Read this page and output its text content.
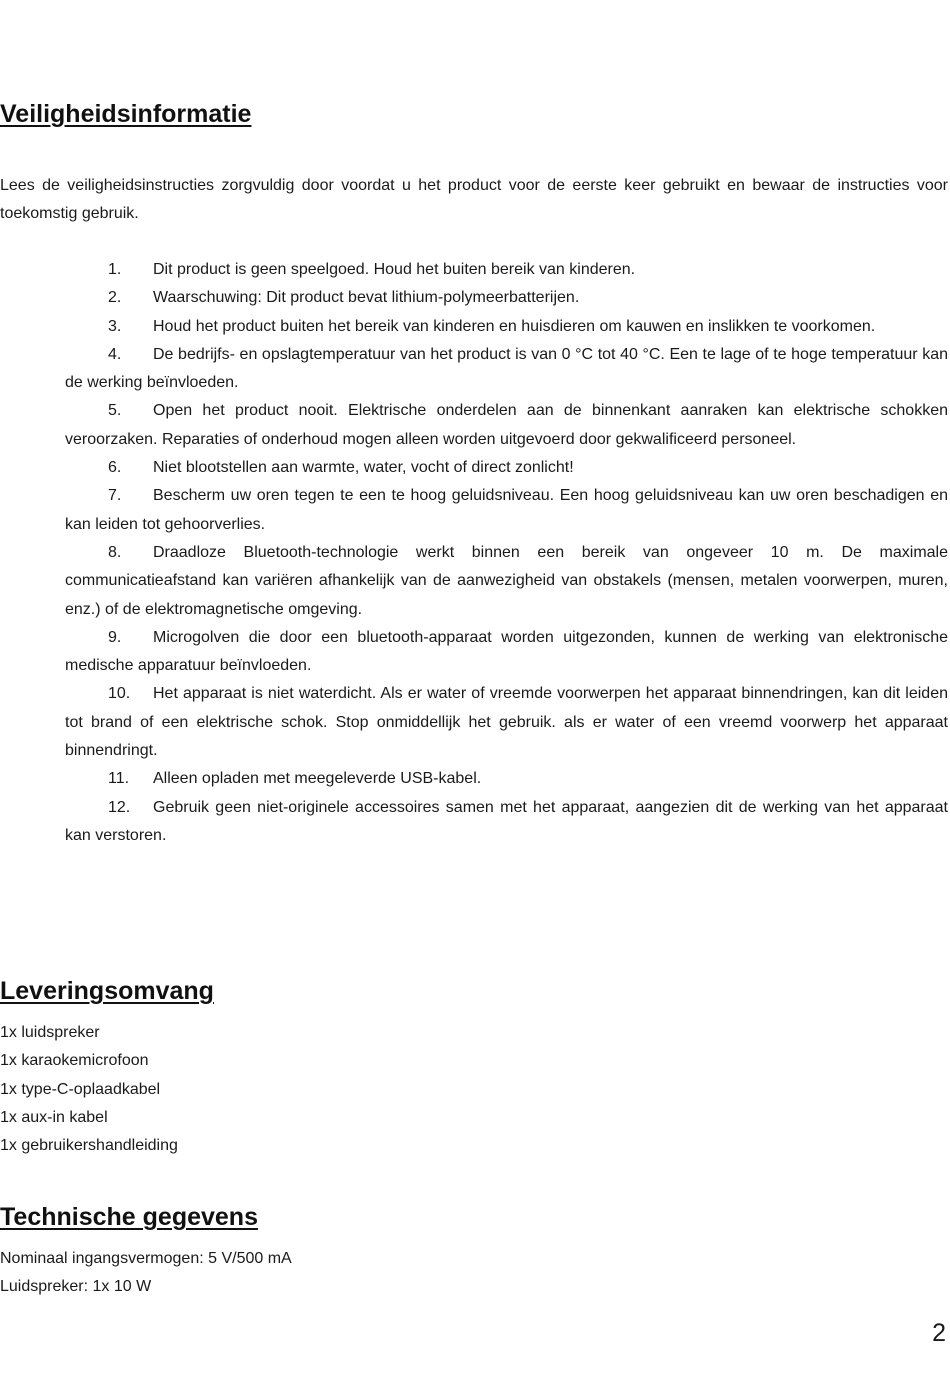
Veiligheidsinformatie

Lees de veiligheidsinstructies zorgvuldig door voordat u het product voor de eerste keer gebruikt en bewaar de instructies voor toekomstig gebruik.

1. Dit product is geen speelgoed. Houd het buiten bereik van kinderen.
2. Waarschuwing: Dit product bevat lithium-polymeerbatterijen.
3. Houd het product buiten het bereik van kinderen en huisdieren om kauwen en inslikken te voorkomen.
4. De bedrijfs- en opslagtemperatuur van het product is van 0 °C tot 40 °C. Een te lage of te hoge temperatuur kan de werking beïnvloeden.
5. Open het product nooit. Elektrische onderdelen aan de binnenkant aanraken kan elektrische schokken veroorzaken. Reparaties of onderhoud mogen alleen worden uitgevoerd door gekwalificeerd personeel.
6. Niet blootstellen aan warmte, water, vocht of direct zonlicht!
7. Bescherm uw oren tegen te een te hoog geluidsniveau. Een hoog geluidsniveau kan uw oren beschadigen en kan leiden tot gehoorverlies.
8. Draadloze Bluetooth-technologie werkt binnen een bereik van ongeveer 10 m. De maximale communicatieafstand kan variëren afhankelijk van de aanwezigheid van obstakels (mensen, metalen voorwerpen, muren, enz.) of de elektromagnetische omgeving.
9. Microgolven die door een bluetooth-apparaat worden uitgezonden, kunnen de werking van elektronische medische apparatuur beïnvloeden.
10. Het apparaat is niet waterdicht. Als er water of vreemde voorwerpen het apparaat binnendringen, kan dit leiden tot brand of een elektrische schok. Stop onmiddellijk het gebruik. als er water of een vreemd voorwerp het apparaat binnendringt.
11. Alleen opladen met meegeleverde USB-kabel.
12. Gebruik geen niet-originele accessoires samen met het apparaat, aangezien dit de werking van het apparaat kan verstoren.
Leveringsomvang
1x luidspreker
1x karaokemicrofoon
1x type-C-oplaadkabel
1x aux-in kabel
1x gebruikershandleiding
Technische gegevens
Nominaal ingangsvermogen: 5 V/500 mA
Luidspreker: 1x 10 W
2
